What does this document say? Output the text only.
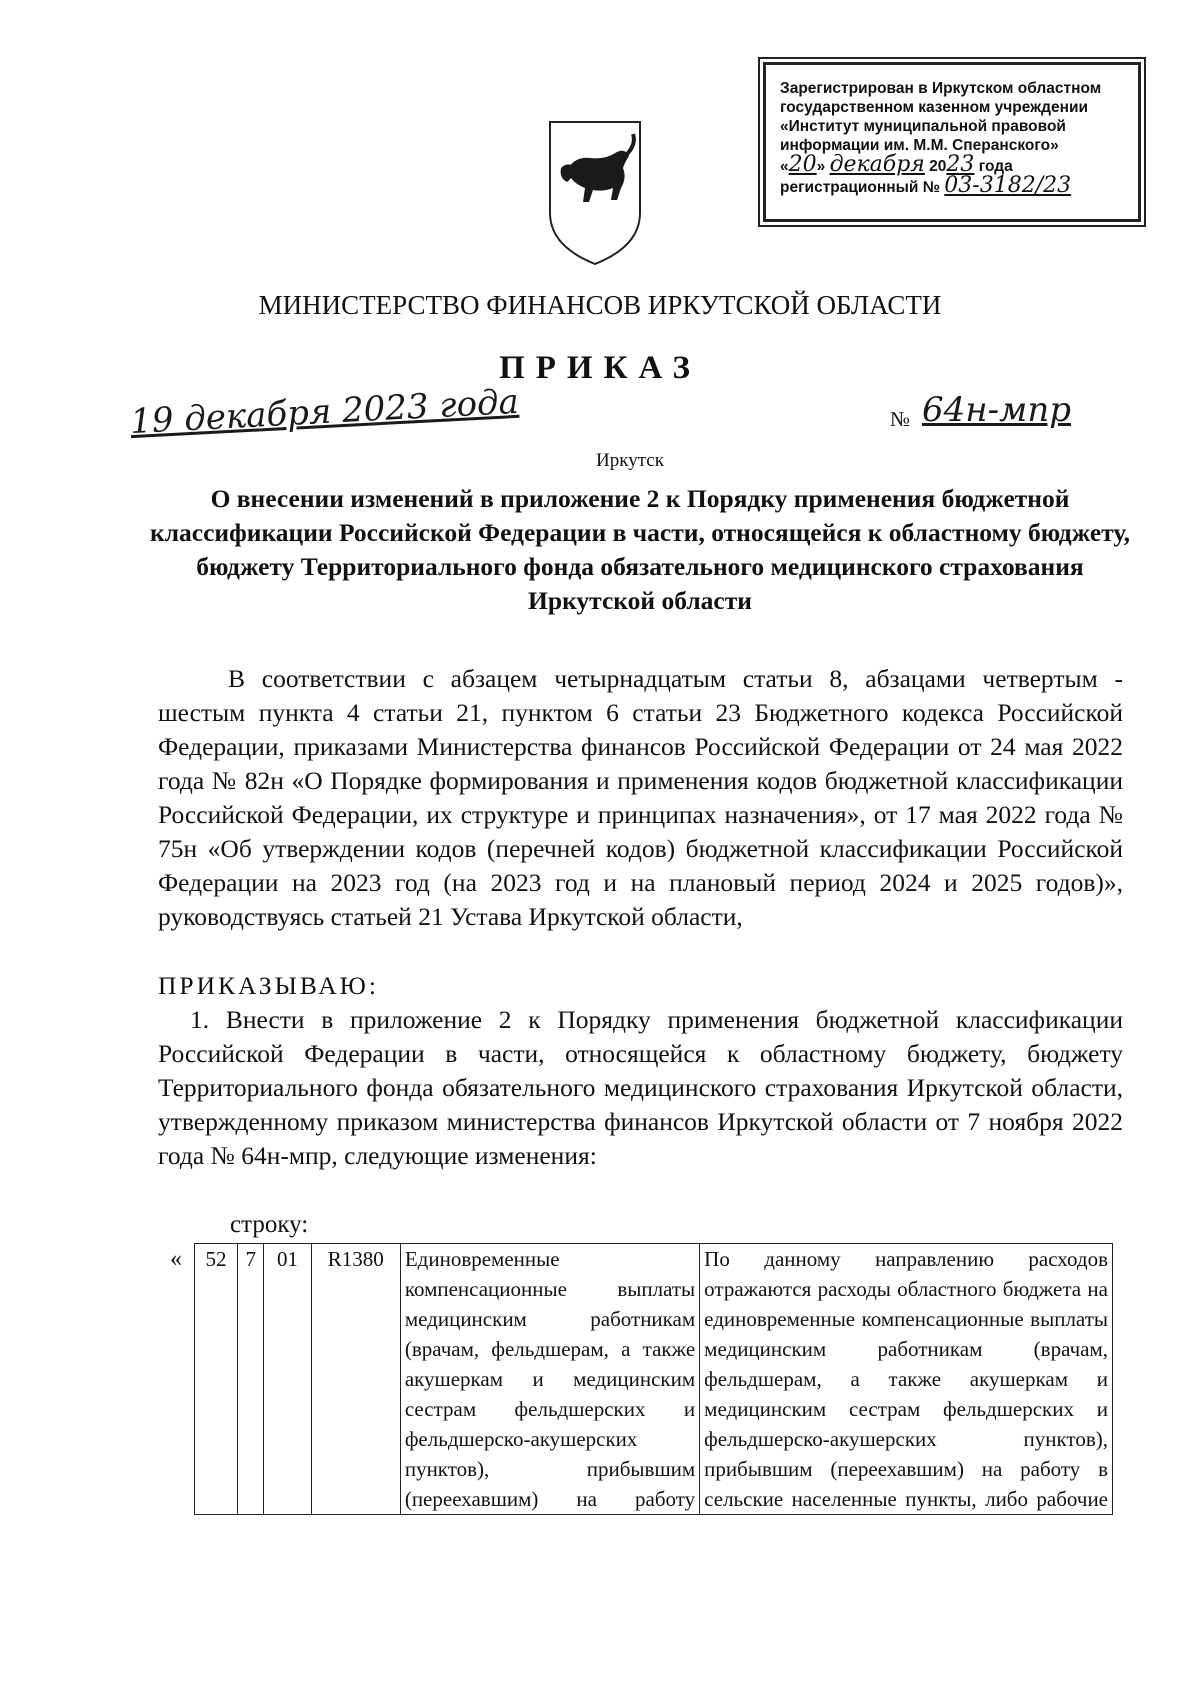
Зарегистрирован в Иркутском областном
государственном казенном учреждении
«Институт муниципальной правовой
информации им. М.М. Сперанского»
«20» декабря 2023 года
регистрационный № 03-3182/23
МИНИСТЕРСТВО ФИНАНСОВ ИРКУТСКОЙ ОБЛАСТИ
ПРИКАЗ
19 декабря 2023 года	№ 64н-мпр
Иркутск
О внесении изменений в приложение 2 к Порядку применения бюджетной классификации Российской Федерации в части, относящейся к областному бюджету, бюджету Территориального фонда обязательного медицинского страхования Иркутской области
В соответствии с абзацем четырнадцатым статьи 8, абзацами четвертым - шестым пункта 4 статьи 21, пунктом 6 статьи 23 Бюджетного кодекса Российской Федерации, приказами Министерства финансов Российской Федерации от 24 мая 2022 года № 82н «О Порядке формирования и применения кодов бюджетной классификации Российской Федерации, их структуре и принципах назначения», от 17 мая 2022 года № 75н «Об утверждении кодов (перечней кодов) бюджетной классификации Российской Федерации на 2023 год (на 2023 год и на плановый период 2024 и 2025 годов)», руководствуясь статьей 21 Устава Иркутской области,
ПРИКАЗЫВАЮ:
1. Внести в приложение 2 к Порядку применения бюджетной классификации Российской Федерации в части, относящейся к областному бюджету, бюджету Территориального фонда обязательного медицинского страхования Иркутской области, утвержденному приказом министерства финансов Иркутской области от 7 ноября 2022 года № 64н-мпр, следующие изменения:
строку:
« 52	7	01	R1380	Единовременные компенсационные выплаты медицинским работникам (врачам, фельдшерам, а также акушеркам и медицинским сестрам фельдшерских и фельдшерско-акушерских пунктов), прибывшим (переехавшим) на работу	По данному направлению расходов отражаются расходы областного бюджета на единовременные компенсационные выплаты медицинским работникам (врачам, фельдшерам, а также акушеркам и медицинским сестрам фельдшерских и фельдшерско-акушерских пунктов), прибывшим (переехавшим) на работу в сельские населенные пункты, либо рабочие
